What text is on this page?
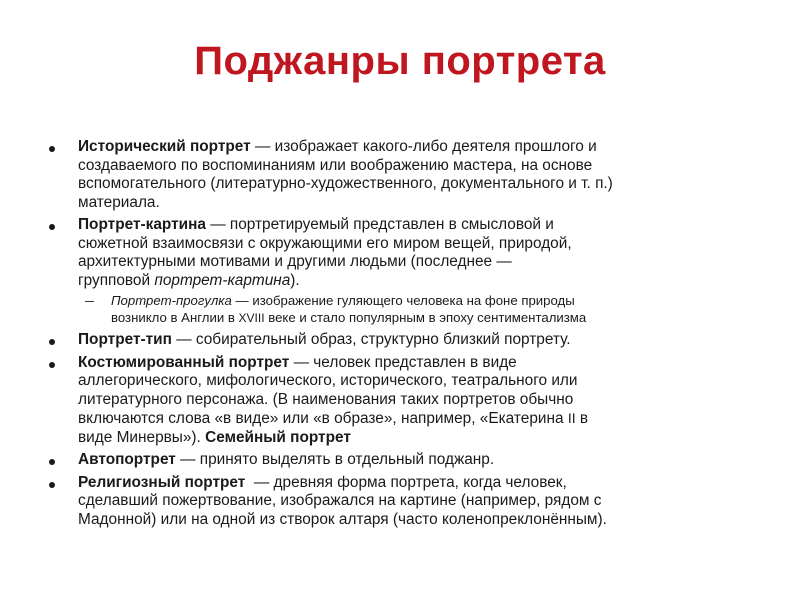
Поджанры портрета
Исторический портрет — изображает какого-либо деятеля прошлого и
создаваемого по воспоминаниям или воображению мастера, на основе
вспомогательного (литературно-художественного, документального и т. п.)
материала.
Портрет-картина — портретируемый представлен в смысловой и
сюжетной взаимосвязи с окружающими его миром вещей, природой,
архитектурными мотивами и другими людьми (последнее —
групповой портрет-картина).
Портрет-прогулка — изображение гуляющего человека на фоне природы
возникло в Англии в XVIII веке и стало популярным в эпоху сентиментализма
Портрет-тип — собирательный образ, структурно близкий портрету.
Костюмированный портрет — человек представлен в виде
аллегорического, мифологического, исторического, театрального или
литературного персонажа. (В наименования таких портретов обычно
включаются слова «в виде» или «в образе», например, «Екатерина II в
виде Минервы»). Семейный портрет
Автопортрет — принято выделять в отдельный поджанр.
Религиозный портрет  — древняя форма портрета, когда человек,
сделавший пожертвование, изображался на картине (например, рядом с
Мадонной) или на одной из створок алтаря (часто коленопреклонённым).
